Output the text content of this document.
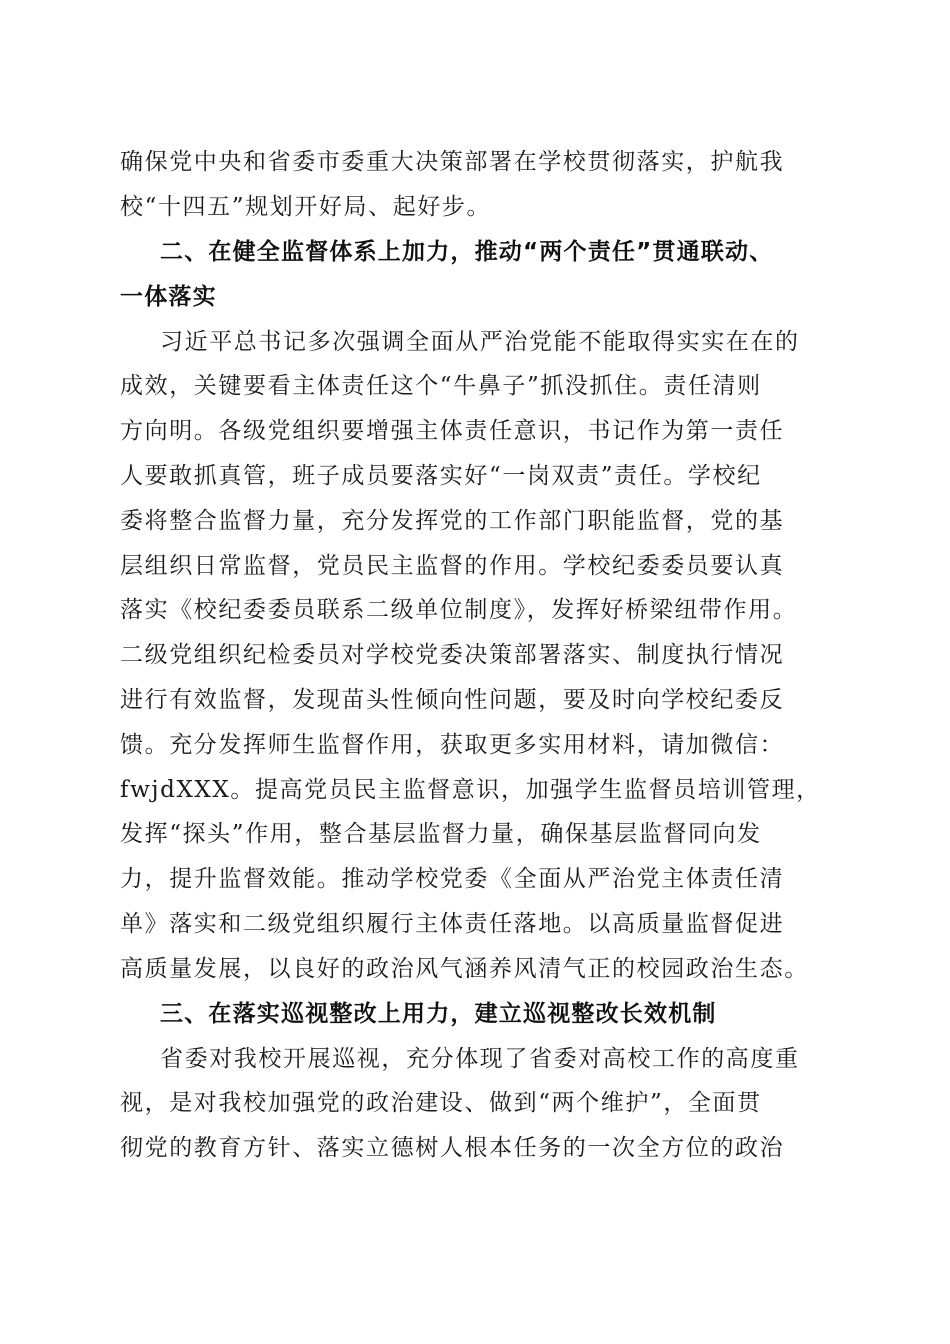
确保党中央和省委市委重大决策部署在学校贯彻落实，护航我
校“十四五”规划开好局、起好步。
二、在健全监督体系上加力，推动“两个责任”贯通联动、
一体落实
习近平总书记多次强调全面从严治党能不能取得实实在在的
成效，关键要看主体责任这个“牛鼻子”抓没抓住。责任清则
方向明。各级党组织要增强主体责任意识，书记作为第一责任
人要敢抓真管，班子成员要落实好“一岗双责”责任。学校纪
委将整合监督力量，充分发挥党的工作部门职能监督，党的基
层组织日常监督，党员民主监督的作用。学校纪委委员要认真
落实《校纪委委员联系二级单位制度》，发挥好桥梁纽带作用。
二级党组织纪检委员对学校党委决策部署落实、制度执行情况
进行有效监督，发现苗头性倾向性问题，要及时向学校纪委反
馈。充分发挥师生监督作用，获取更多实用材料，请加微信：
fwjdXXX。提高党员民主监督意识，加强学生监督员培训管理，
发挥“探头”作用，整合基层监督力量，确保基层监督同向发
力，提升监督效能。推动学校党委《全面从严治党主体责任清
单》落实和二级党组织履行主体责任落地。以高质量监督促进
高质量发展，以良好的政治风气涵养风清气正的校园政治生态。
三、在落实巡视整改上用力，建立巡视整改长效机制
省委对我校开展巡视，充分体现了省委对高校工作的高度重
视，是对我校加强党的政治建设、做到“两个维护”，全面贯
彻党的教育方针、落实立德树人根本任务的一次全方位的政治
